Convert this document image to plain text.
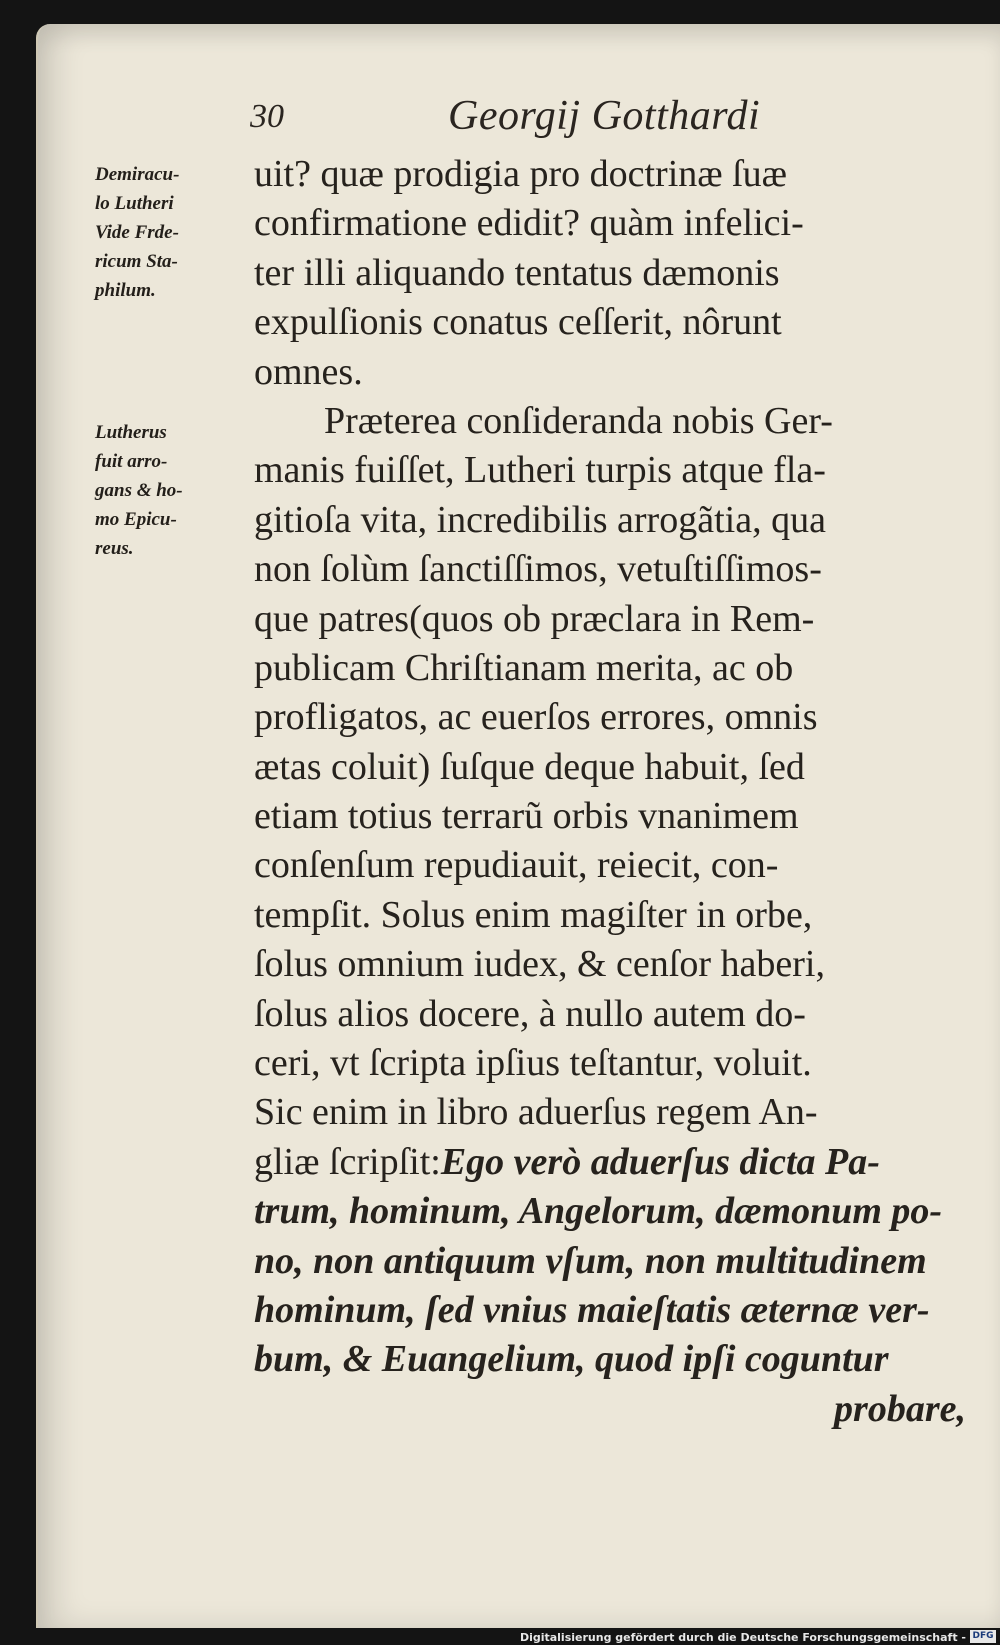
30	Georgij Gotthardi
Demiracu-
lo Lutheri
Vide Frde-
ricum Sta-
philum.
Lutherus
fuit arro-
gans & ho-
mo Epicu-
reus.
uit? quæ prodigia pro doctrinæ ſuæ
confirmatione edidit? quàm infelici-
ter illi aliquando tentatus dæmonis
expulſionis conatus ceſſerit, nôrunt
omnes.
Præterea conſideranda nobis Ger-
manis fuiſſet, Lutheri turpis atque fla-
gitioſa vita, incredibilis arrogãtia, qua
non ſolùm ſanctiſſimos, vetuſtiſſimos-
que patres(quos ob præclara in Rem-
publicam Chriſtianam merita, ac ob
profligatos, ac euerſos errores, omnis
ætas coluit) ſuſque deque habuit, ſed
etiam totius terrarũ orbis vnanimem
conſenſum repudiauit, reiecit, con-
tempſit. Solus enim magiſter in orbe,
ſolus omnium iudex, & cenſor haberi,
ſolus alios docere, à nullo autem do-
ceri, vt ſcripta ipſius teſtantur, voluit.
Sic enim in libro aduerſus regem An-
gliæ ſcripſit:Ego verò aduerſus dicta Pa-
trum, hominum, Angelorum, dæmonum po-
no, non antiquum vſum, non multitudinem
hominum, ſed vnius maieſtatis æternæ ver-
bum, & Euangelium, quod ipſi coguntur
probare,
Digitalisierung gefördert durch die Deutsche Forschungsgemeinschaft - DFG
